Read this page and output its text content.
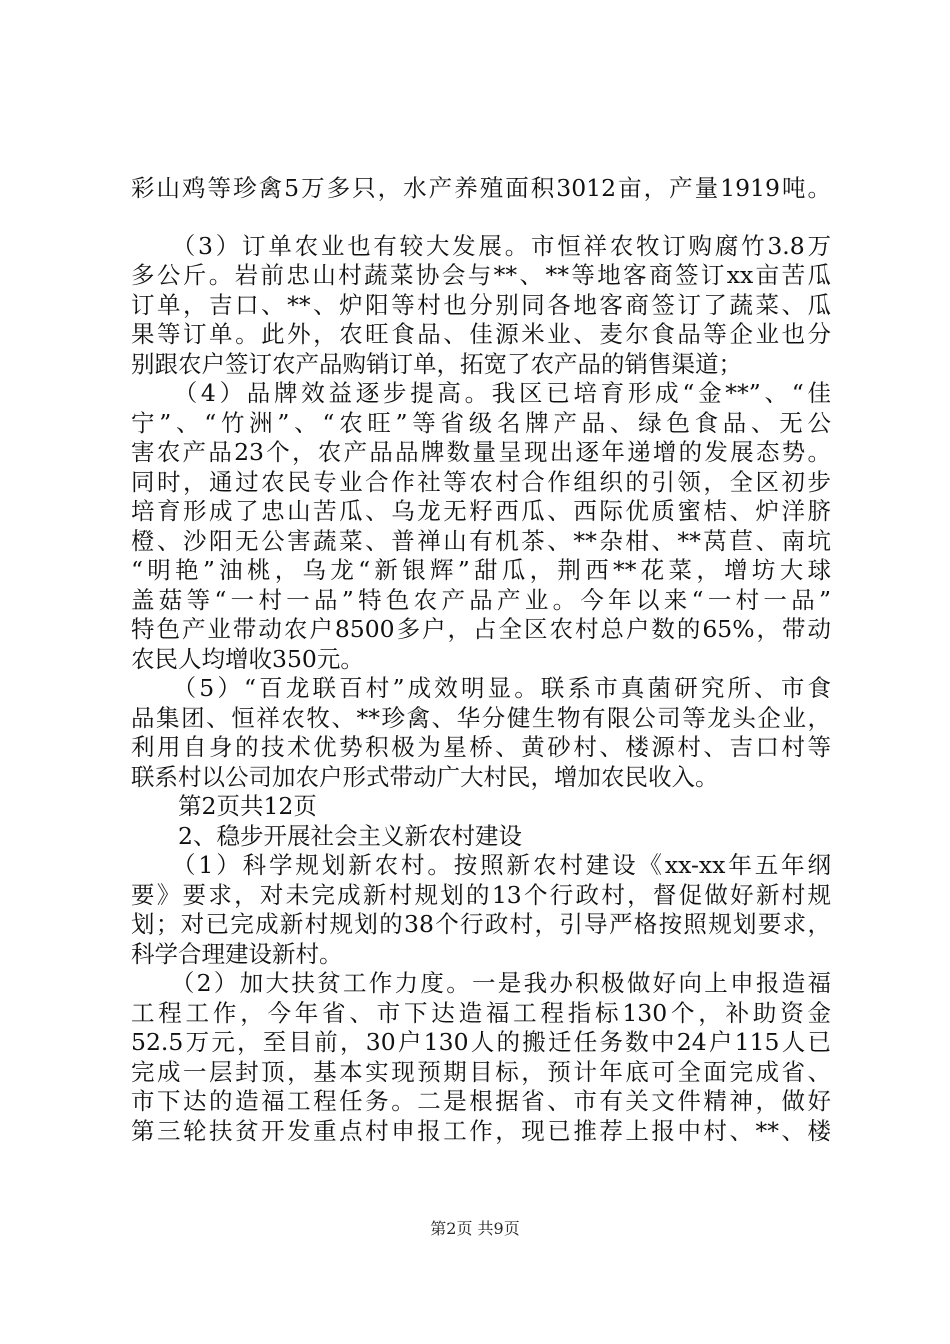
彩山鸡等珍禽5万多只，水产养殖面积3012亩，产量1919吨。
　　（3）订单农业也有较大发展。市恒祥农牧订购腐竹3.8万
多公斤。岩前忠山村蔬菜协会与**、**等地客商签订xx亩苦瓜
订单，吉口、**、炉阳等村也分别同各地客商签订了蔬菜、瓜
果等订单。此外，农旺食品、佳源米业、麦尔食品等企业也分
别跟农户签订农产品购销订单，拓宽了农产品的销售渠道；
　　（4）品牌效益逐步提高。我区已培育形成“金**”、“佳
宁”、“竹洲”、“农旺”等省级名牌产品、绿色食品、无公
害农产品23个，农产品品牌数量呈现出逐年递增的发展态势。
同时，通过农民专业合作社等农村合作组织的引领，全区初步
培育形成了忠山苦瓜、乌龙无籽西瓜、西际优质蜜桔、炉洋脐
橙、沙阳无公害蔬菜、普禅山有机茶、**杂柑、**莴苣、南坑
“明艳”油桃，乌龙“新银辉”甜瓜，荆西**花菜，增坊大球
盖菇等“一村一品”特色农产品产业。今年以来“一村一品”
特色产业带动农户8500多户，占全区农村总户数的65%，带动
农民人均增收350元。
　　（5）“百龙联百村”成效明显。联系市真菌研究所、市食
品集团、恒祥农牧、**珍禽、华分健生物有限公司等龙头企业，
利用自身的技术优势积极为星桥、黄砂村、楼源村、吉口村等
联系村以公司加农户形式带动广大村民，增加农民收入。
　　第2页共12页
　　2、稳步开展社会主义新农村建设
　　（1）科学规划新农村。按照新农村建设《xx-xx年五年纲
要》要求，对未完成新村规划的13个行政村，督促做好新村规
划；对已完成新村规划的38个行政村，引导严格按照规划要求，
科学合理建设新村。
　　（2）加大扶贫工作力度。一是我办积极做好向上申报造福
工程工作，今年省、市下达造福工程指标130个，补助资金
52.5万元，至目前，30户130人的搬迁任务数中24户115人已
完成一层封顶，基本实现预期目标，预计年底可全面完成省、
市下达的造福工程任务。二是根据省、市有关文件精神，做好
第三轮扶贫开发重点村申报工作，现已推荐上报中村、**、楼
第2页 共9页
